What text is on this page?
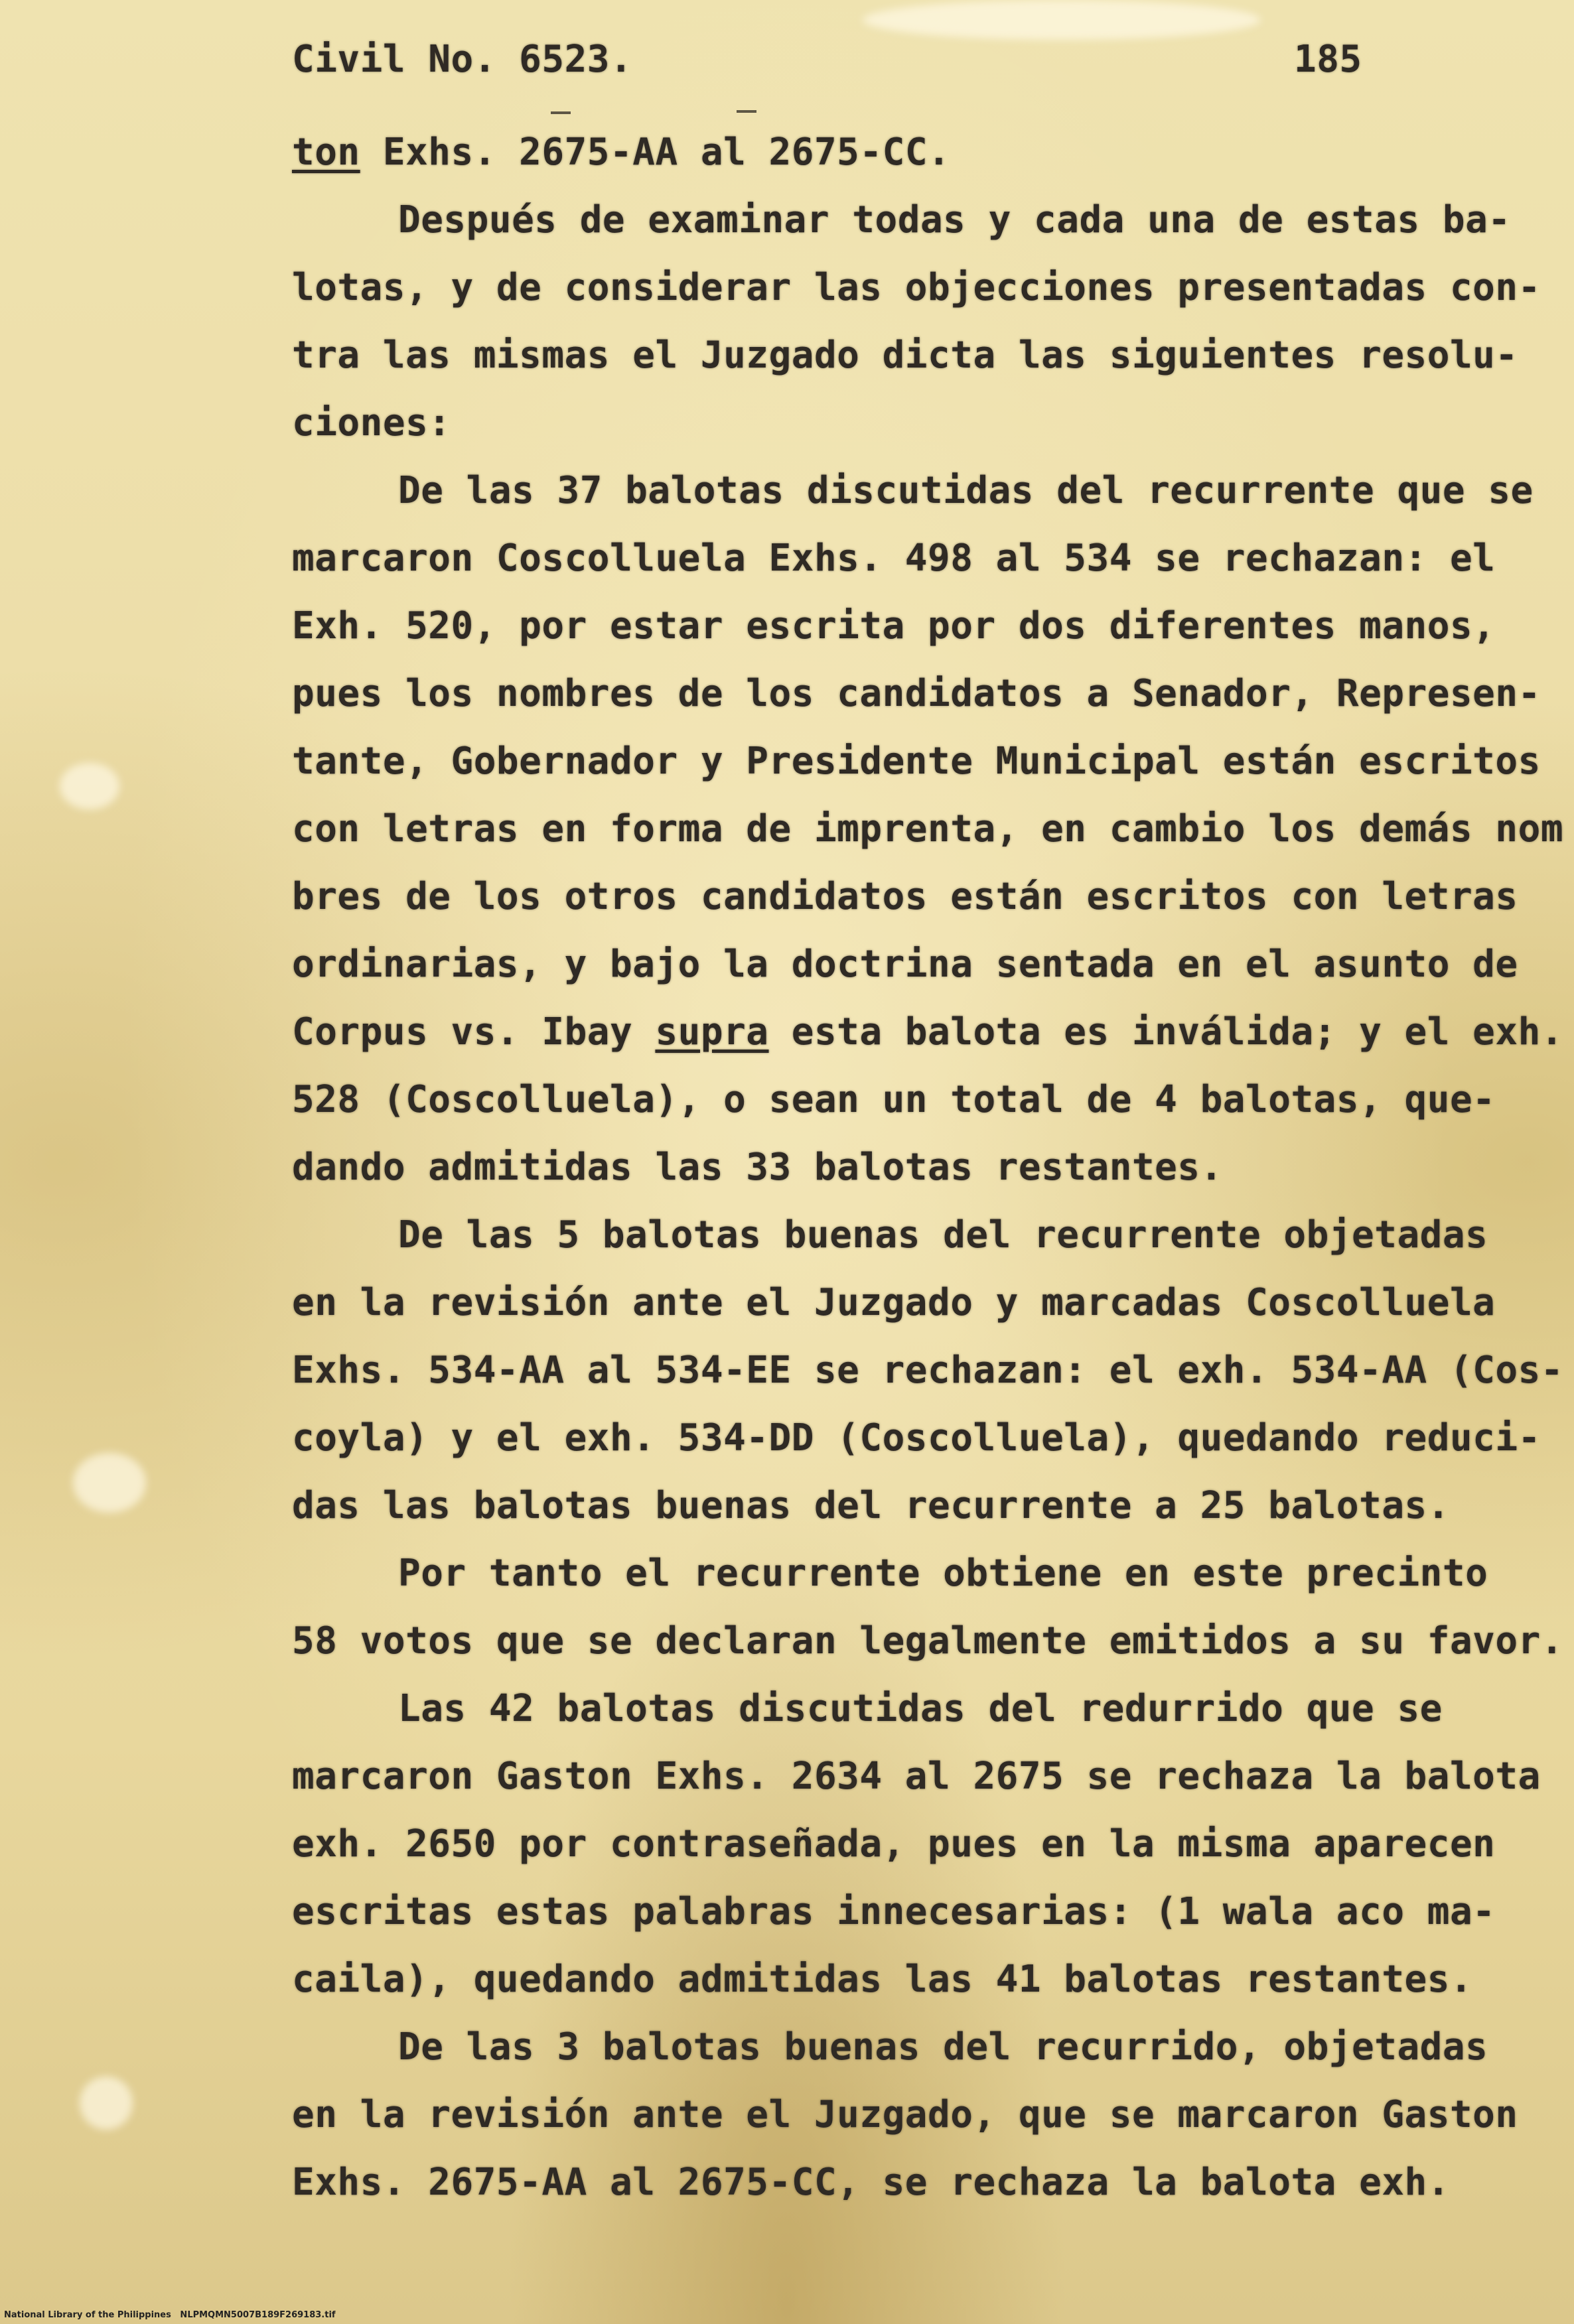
Civil No. 6523.	185
ton Exhs. 2675-AA al 2675-CC.
Después de examinar todas y cada una de estas ba-
lotas, y de considerar las objecciones presentadas con-
tra las mismas el Juzgado dicta las siguientes resolu-
ciones:
De las 37 balotas discutidas del recurrente que se
marcaron Coscolluela Exhs. 498 al 534 se rechazan: el
Exh. 520, por estar escrita por dos diferentes manos,
pues los nombres de los candidatos a Senador, Represen-
tante, Gobernador y Presidente Municipal están escritos
con letras en forma de imprenta, en cambio los demás nom
bres de los otros candidatos están escritos con letras
ordinarias, y bajo la doctrina sentada en el asunto de
Corpus vs. Ibay supra esta balota es inválida; y el exh.
528 (Coscolluela), o sean un total de 4 balotas, que-
dando admitidas las 33 balotas restantes.
De las 5 balotas buenas del recurrente objetadas
en la revisión ante el Juzgado y marcadas Coscolluela
Exhs. 534-AA al 534-EE se rechazan: el exh. 534-AA (Cos-
coyla) y el exh. 534-DD (Coscolluela), quedando reduci-
das las balotas buenas del recurrente a 25 balotas.
Por tanto el recurrente obtiene en este precinto
58 votos que se declaran legalmente emitidos a su favor.
Las 42 balotas discutidas del redurrido que se
marcaron Gaston Exhs. 2634 al 2675 se rechaza la balota
exh. 2650 por contraseñada, pues en la misma aparecen
escritas estas palabras innecesarias: (1 wala aco ma-
caila), quedando admitidas las 41 balotas restantes.
De las 3 balotas buenas del recurrido, objetadas
en la revisión ante el Juzgado, que se marcaron Gaston
Exhs. 2675-AA al 2675-CC, se rechaza la balota exh.
National Library of the Philippines   NLPMQMN5007B189F269183.tif
